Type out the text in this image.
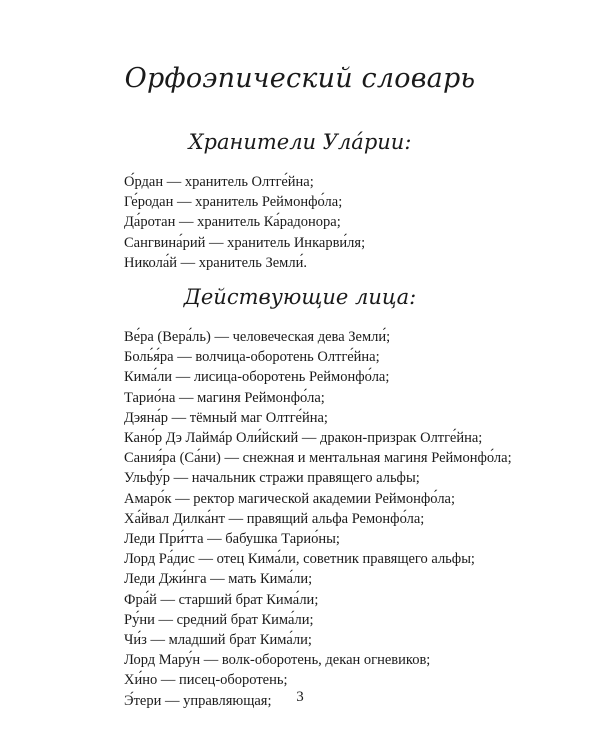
Орфоэпический словарь
Хранители Ула́рии:
О́рдан — хранитель Олтге́йна;
Ге́родан — хранитель Реймонфо́ла;
Да́ротан — хранитель Ка́радонора;
Сангвина́рий — хранитель Инкарви́ля;
Никола́й — хранитель Земли́.
Действующие лица:
Ве́ра (Вера́ль) — человеческая дева Земли́;
Боль́я́ра — волчица-оборотень Олтге́йна;
Кима́ли — лисица-оборотень Реймонфо́ла;
Тарио́на — магиня Реймонфо́ла;
Дэяна́р — тёмный маг Олтге́йна;
Кано́р Дэ Лаймáр Оли́йский — дракон-призрак Олтге́йна;
Сания́ра (Са́ни) — снежная и ментальная магиня Реймонфо́ла;
Ульфу́р — начальник стражи правящего альфы;
Амаро́к — ректор магической академии Реймонфо́ла;
Ха́йвал Дилка́нт — правящий альфа Ремонфо́ла;
Леди При́тта — бабушка Тарио́ны;
Лорд Ра́дис — отец Кима́ли, советник правящего альфы;
Леди Джи́нга — мать Кима́ли;
Фра́й — старший брат Кима́ли;
Ру́ни — средний брат Кима́ли;
Чи́з — младший брат Кима́ли;
Лорд Мару́н — волк-оборотень, декан огневиков;
Хи́но — писец-оборотень;
Э́тери — управляющая;	3
